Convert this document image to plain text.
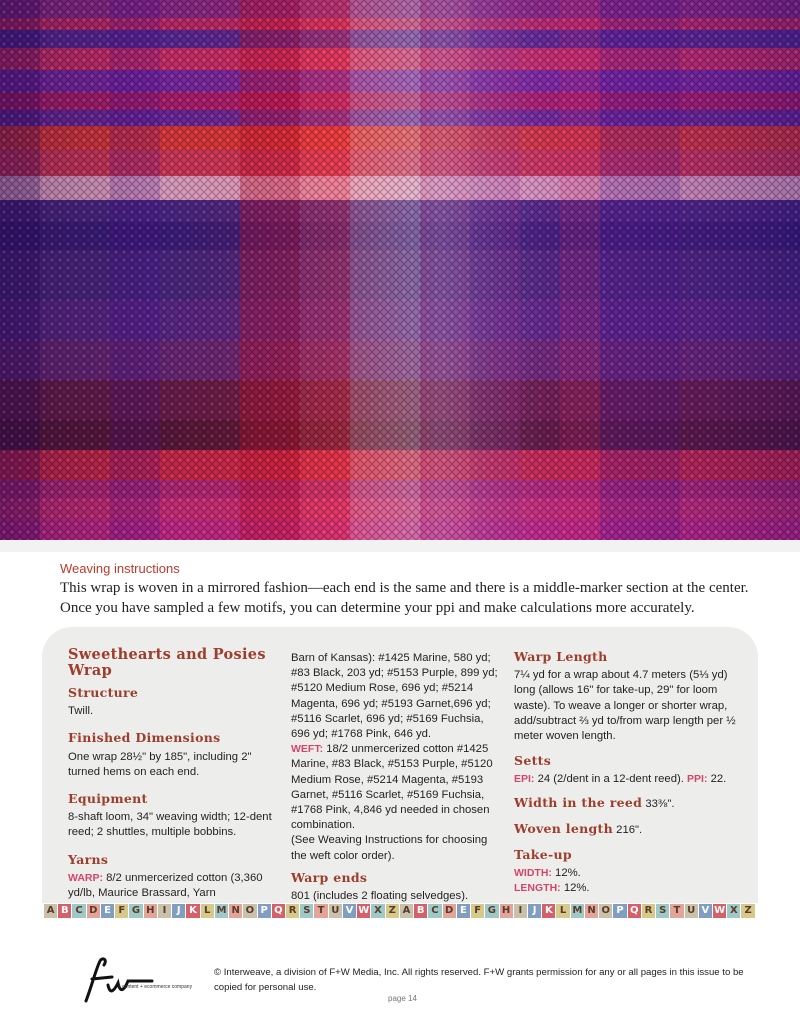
Weaving instructions

This wrap is woven in a mirrored fashion—each end is the same and there is a middle-marker section at the center. Once you have sampled a few motifs, you can determine your ppi and make calculations more accurately.

Sweethearts and Posies Wrap
Structure

Twill.

Finished Dimensions

One wrap 28½" by 185", including 2" turned hems on each end.

Equipment

8-shaft loom, 34" weaving width; 12-dent reed; 2 shuttles, multiple bobbins.

Yarns

WARP: 8/2 unmercerized cotton (3,360 yd/lb, Maurice Brassard, Yarn

Barn of Kansas): #1425 Marine, 580 yd; #83 Black, 203 yd; #5153 Purple, 899 yd; #5120 Medium Rose, 696 yd; #5214 Magenta, 696 yd; #5193 Garnet,696 yd; #5116 Scarlet, 696 yd; #5169 Fuchsia, 696 yd; #1768 Pink, 646 yd.

WEFT: 18/2 unmercerized cotton #1425 Marine, #83 Black, #5153 Purple, #5120 Medium Rose, #5214 Magenta, #5193 Garnet, #5116 Scarlet, #5169 Fuchsia, #1768 Pink, 4,846 yd needed in chosen combination.

(See Weaving Instructions for choosing the weft color order).

Warp ends

801 (includes 2 floating selvedges).

Warp Length

7¼ yd for a wrap about 4.7 meters (5⅓ yd) long (allows 16" for take-up, 29" for loom waste). To weave a longer or shorter wrap, add/subtract ⅔ yd to/from warp length per ½ meter woven length.

Setts

EPI: 24 (2/dent in a 12-dent reed). PPI: 22.

Width in the reed 33⅜".
Woven length 216".
Take-up

WIDTH: 12%.

LENGTH: 12%.

A B C D E F G H I	J K L M N O P Q R S T U V W X Z A B C D E F G H I	J K L M N O P Q R S T U V W X Z
a content + ecommerce company

© Interweave, a division of F+W Media, Inc. All rights reserved. F+W grants permission for any or all pages in this issue to be copied for personal use.

page 14
